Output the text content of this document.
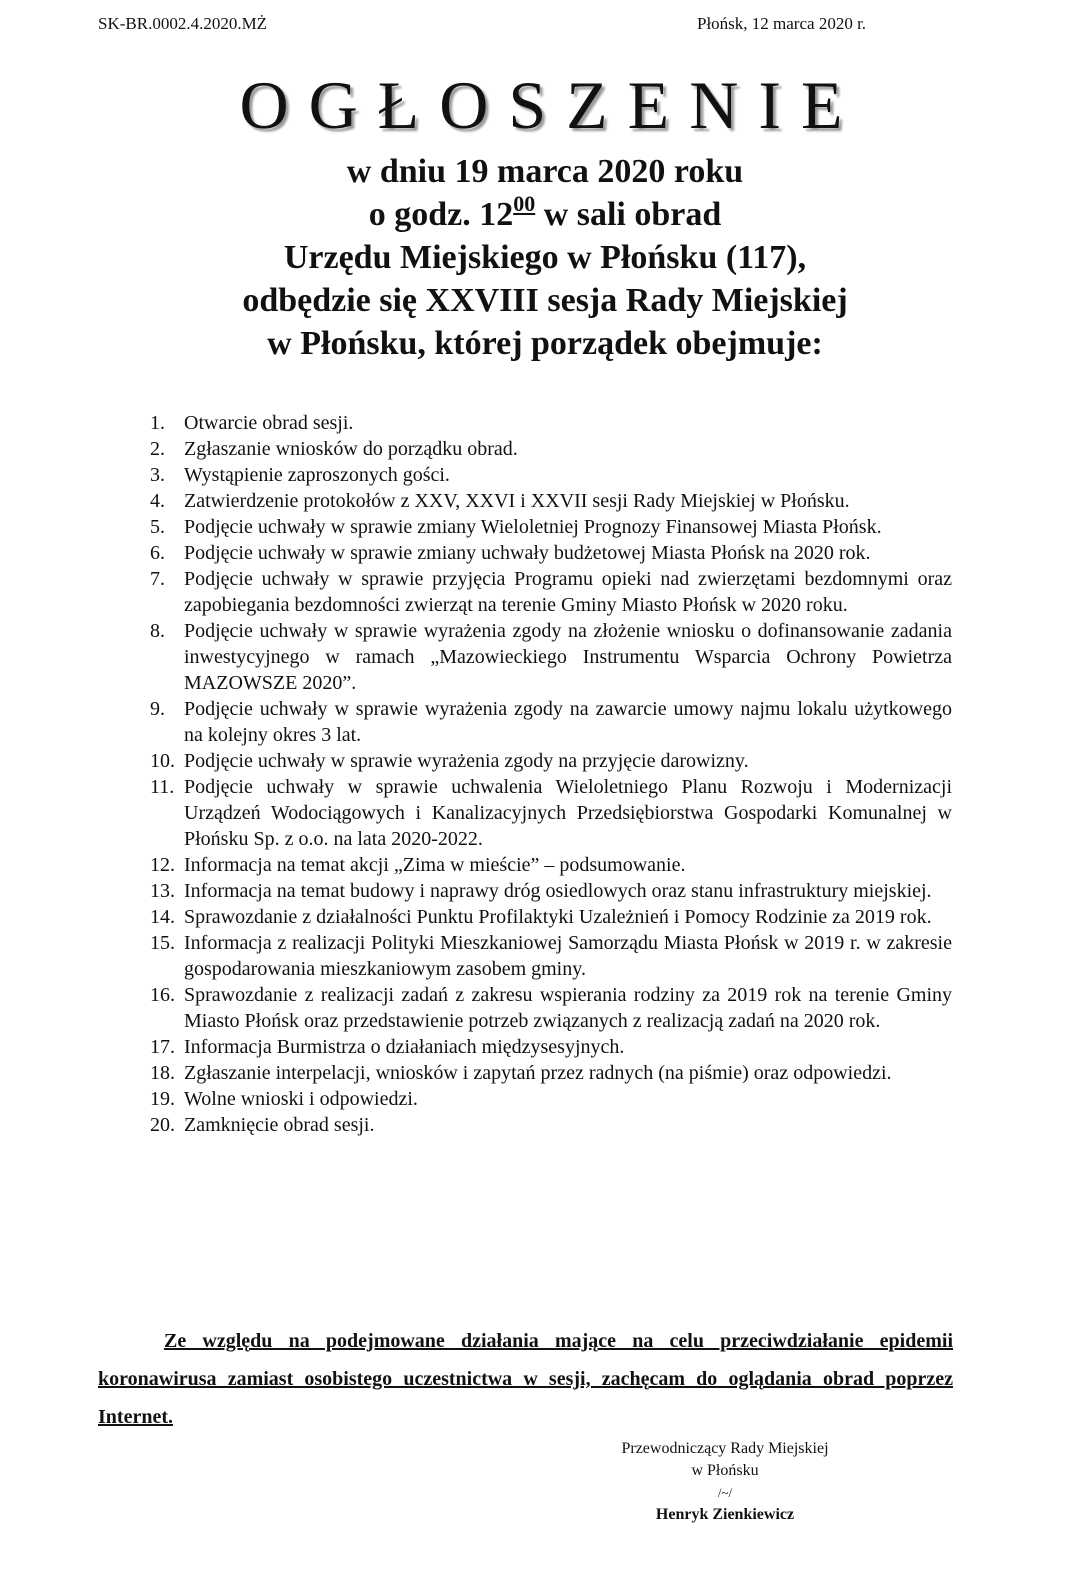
SK-BR.0002.4.2020.MŻ	Płońsk, 12 marca 2020 r.
OGŁOSZENIE
w dniu 19 marca 2020 roku
o godz. $12^{00}$ w sali obrad
Urzędu Miejskiego w Płońsku (117),
odbędzie się XXVIII sesja Rady Miejskiej
w Płońsku, której porządek obejmuje:
1. Otwarcie obrad sesji.
2. Zgłaszanie wniosków do porządku obrad.
3. Wystąpienie zaproszonych gości.
4. Zatwierdzenie protokołów z XXV, XXVI i XXVII sesji Rady Miejskiej w Płońsku.
5. Podjęcie uchwały w sprawie zmiany Wieloletniej Prognozy Finansowej Miasta Płońsk.
6. Podjęcie uchwały w sprawie zmiany uchwały budżetowej Miasta Płońsk na 2020 rok.
7. Podjęcie uchwały w sprawie przyjęcia Programu opieki nad zwierzętami bezdomnymi oraz zapobiegania bezdomności zwierząt na terenie Gminy Miasto Płońsk w 2020 roku.
8. Podjęcie uchwały w sprawie wyrażenia zgody na złożenie wniosku o dofinansowanie zadania inwestycyjnego w ramach „Mazowieckiego Instrumentu Wsparcia Ochrony Powietrza MAZOWSZE 2020”.
9. Podjęcie uchwały w sprawie wyrażenia zgody na zawarcie umowy najmu lokalu użytkowego na kolejny okres 3 lat.
10. Podjęcie uchwały w sprawie wyrażenia zgody na przyjęcie darowizny.
11. Podjęcie uchwały w sprawie uchwalenia Wieloletniego Planu Rozwoju i Modernizacji Urządzeń Wodociągowych i Kanalizacyjnych Przedsiębiorstwa Gospodarki Komunalnej w Płońsku Sp. z o.o. na lata 2020-2022.
12. Informacja na temat akcji „Zima w mieście” – podsumowanie.
13. Informacja na temat budowy i naprawy dróg osiedlowych oraz stanu infrastruktury miejskiej.
14. Sprawozdanie z działalności Punktu Profilaktyki Uzależnień i Pomocy Rodzinie za 2019 rok.
15. Informacja z realizacji Polityki Mieszkaniowej Samorządu Miasta Płońsk w 2019 r. w zakresie gospodarowania mieszkaniowym zasobem gminy.
16. Sprawozdanie z realizacji zadań z zakresu wspierania rodziny za 2019 rok na terenie Gminy Miasto Płońsk oraz przedstawienie potrzeb związanych z realizacją zadań na 2020 rok.
17. Informacja Burmistrza o działaniach międzysesyjnych.
18. Zgłaszanie interpelacji, wniosków i zapytań przez radnych (na piśmie) oraz odpowiedzi.
19. Wolne wnioski i odpowiedzi.
20. Zamknięcie obrad sesji.
Ze względu na podejmowane działania mające na celu przeciwdziałanie epidemii koronawirusa zamiast osobistego uczestnictwa w sesji, zachęcam do oglądania obrad poprzez Internet.
Przewodniczący Rady Miejskiej
w Płońsku
/~/
Henryk Zienkiewicz
